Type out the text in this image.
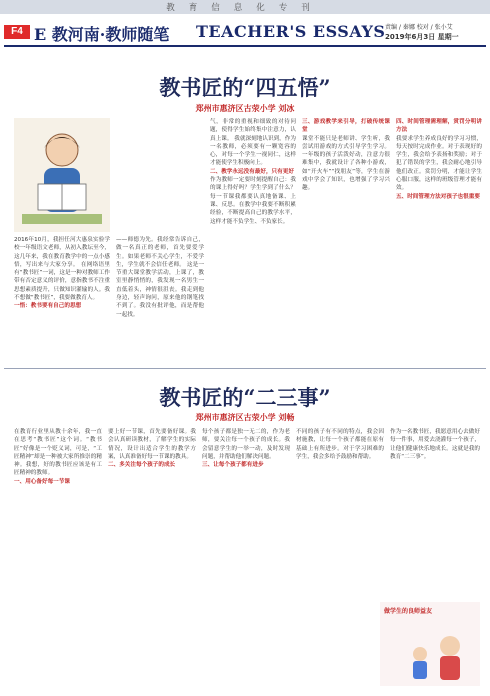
教育信息化专刊
F4 E 教河南·教师随笔 TEACHER'S ESSAYS 责编 / 秦娜 校对 / 张小艾
2019年6月3日 星期一
教书匠的“四五悟”
郑州市惠济区古荥小学 刘冰
2016年10月，我担任河大惠泉实验学校一年级语文老师，从初入教坛至今，这几年来，我在教育教学中的一点小感悟，写出来与大家分享。 在网络语里有“教书匠”一词，这是一种对教师工作带有否定意义的评价，意指教书不注重思想素质提升，只做知识灌输的人。我不想做“教书匠”，我要做教育人。
一悟：教书要有自己的思想
——师德为先。我经常告诉自己，做一名真正的老师，首先要爱学生。如果老师不关心学生，不爱学生，学生就不会信任老师。 这是一节重大课堂教学活动，上课了，教室里静悄悄的，我发现一名男生一直低着头，神情很沮丧。我走到他身边，轻声询问，原来他的钢笔找不到了。我没有批评他，而是帮他一起找。
气，非常的重视和细致的对待问题，使得学生始终集中注意力，认真上课。 我就深刻地认识到，作为一名教师，必须要有一颗宽容的心，对每一个学生一视同仁，这样才能使学生积极向上。
二、教学永远没有最好，只有更好
作为教师一定要时刻提醒自己：我的课上得好吗？学生学到了什么？每一节课我都要认真地备课、上课、反思。在教学中我要不断积累经验，不断提高自己的教学水平，这样才能不负学生、不负家长。
三、游戏教学来引导，打破传统课堂
课堂不能只是老师讲、学生听，我尝试用游戏的方式引导学生学习。一年级的孩子活泼好动，注意力很难集中，我就设计了各种小游戏，如“开火车”“找朋友”等，学生在游戏中学会了知识，也增强了学习兴趣。
四、时间管理需理解，赏罚分明讲方法
我要求学生养成良好的学习习惯，每天按时完成作业。对于表现好的学生，我会给予表扬和奖励；对于犯了错误的学生，我会耐心地引导他们改正。赏罚分明，才能让学生心服口服，这样的班级管理才能有效。
五、时间管理方法对孩子也很重要
教书匠的“二三事”
郑州市惠济区古荥小学 刘畅
在教育行业里从教十余年，我一直在思考“教书匠”这个词。“教书匠”好像是一个贬义词，可是，“工匠精神”却是一种被大家所推崇的精神。我想，好的教书匠应该是有工匠精神的教师。
一、用心备好每一节课
要上好一节课，首先要备好课。我会认真研读教材，了解学生的实际情况，设计出适合学生的教学方案，认真准备好每一节课的教具。
二、多关注每个孩子的成长
每个孩子都是独一无二的，作为老师，要关注每一个孩子的成长。我会留意学生的一举一动，及时发现问题，并帮助他们解决问题。
三、让每个孩子都有进步
不同的孩子有不同的特点，我会因材施教，让每一个孩子都能在原有基础上有所进步。对于学习困难的学生，我会多给予鼓励和帮助。
作为一名教书匠，我愿意用心去做好每一件事，用爱去浇灌每一个孩子，让他们健康快乐地成长。这就是我的教育“二三事”。
做学生的良师益友
